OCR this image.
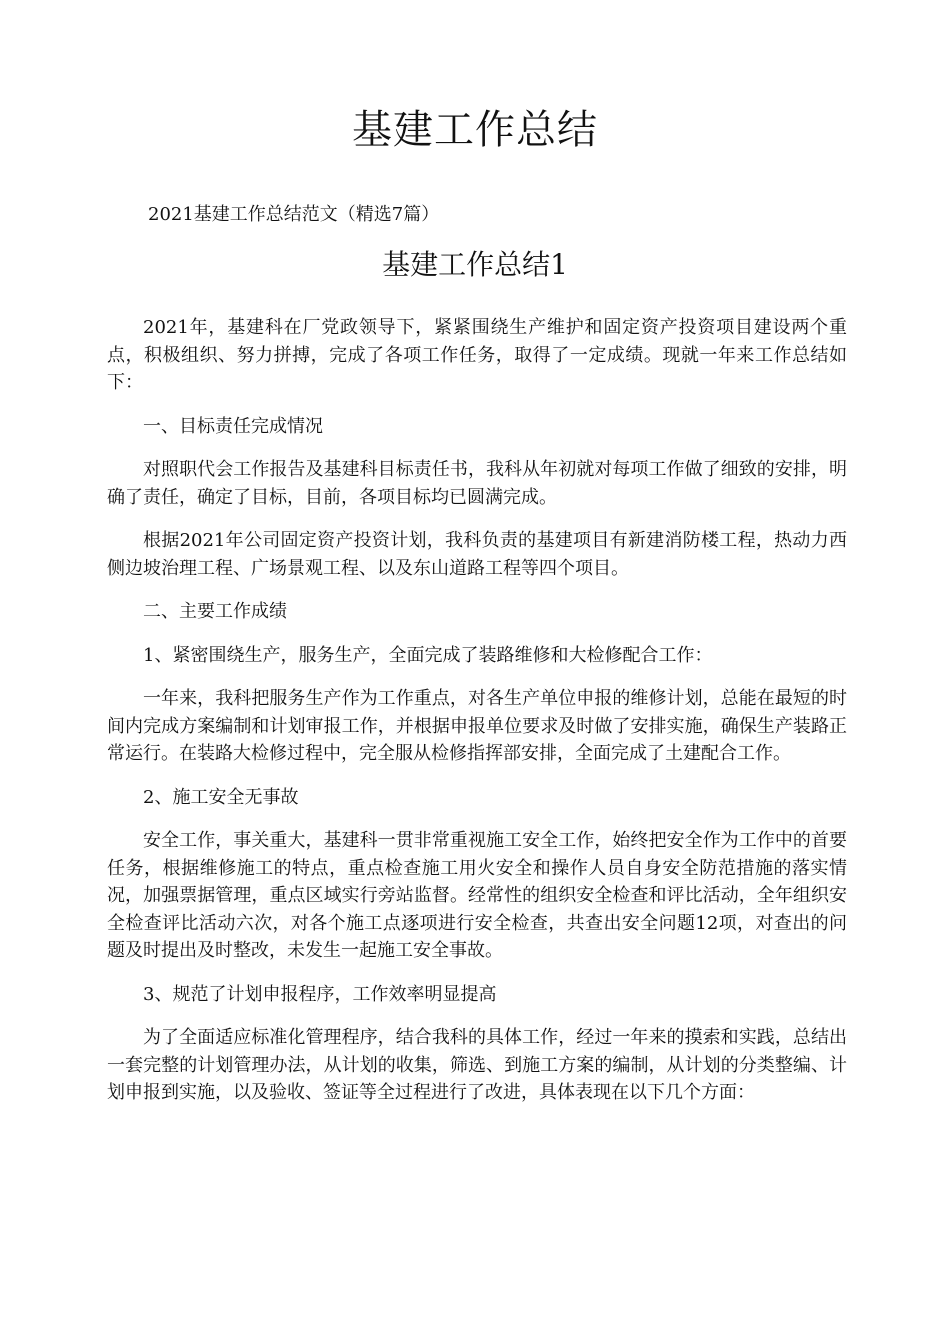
基建工作总结
2021基建工作总结范文（精选7篇）
基建工作总结1

2021年，基建科在厂党政领导下，紧紧围绕生产维护和固定资产投资项目建设两个重点，积极组织、努力拼搏，完成了各项工作任务，取得了一定成绩。现就一年来工作总结如下：

一、目标责任完成情况

对照职代会工作报告及基建科目标责任书，我科从年初就对每项工作做了细致的安排，明确了责任，确定了目标，目前，各项目标均已圆满完成。

根据2021年公司固定资产投资计划，我科负责的基建项目有新建消防楼工程，热动力西侧边坡治理工程、广场景观工程、以及东山道路工程等四个项目。

二、主要工作成绩

1、紧密围绕生产，服务生产，全面完成了装路维修和大检修配合工作：

一年来，我科把服务生产作为工作重点，对各生产单位申报的维修计划，总能在最短的时间内完成方案编制和计划审报工作，并根据申报单位要求及时做了安排实施，确保生产装路正常运行。在装路大检修过程中，完全服从检修指挥部安排，全面完成了土建配合工作。

2、施工安全无事故

安全工作，事关重大，基建科一贯非常重视施工安全工作，始终把安全作为工作中的首要任务，根据维修施工的特点，重点检查施工用火安全和操作人员自身安全防范措施的落实情况，加强票据管理，重点区域实行旁站监督。经常性的组织安全检查和评比活动，全年组织安全检查评比活动六次，对各个施工点逐项进行安全检查，共查出安全问题12项，对查出的问题及时提出及时整改，未发生一起施工安全事故。

3、规范了计划申报程序，工作效率明显提高

为了全面适应标准化管理程序，结合我科的具体工作，经过一年来的摸索和实践，总结出一套完整的计划管理办法，从计划的收集，筛选、到施工方案的编制，从计划的分类整编、计划申报到实施，以及验收、签证等全过程进行了改进，具体表现在以下几个方面：
